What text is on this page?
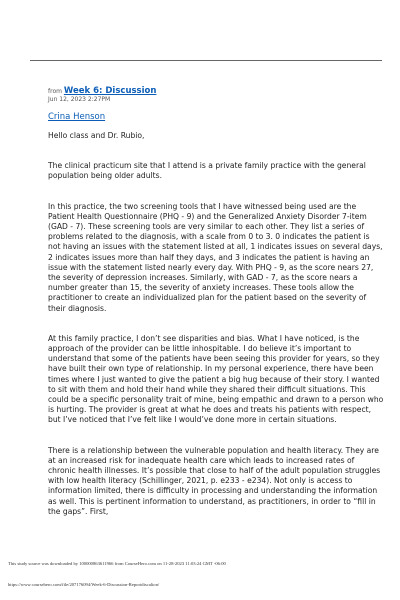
from Week 6: Discussion
Jun 12, 2023 2:27PM
Crina Henson

Hello class and Dr. Rubio,

The clinical practicum site that I attend is a private family practice with the general population being older adults.

In this practice, the two screening tools that I have witnessed being used are the Patient Health Questionnaire (PHQ - 9) and the Generalized Anxiety Disorder 7-item (GAD - 7). These screening tools are very similar to each other. They list a series of problems related to the diagnosis, with a scale from 0 to 3. 0 indicates the patient is not having an issues with the statement listed at all, 1 indicates issues on several days, 2 indicates issues more than half they days, and 3 indicates the patient is having an issue with the statement listed nearly every day. With PHQ - 9, as the score nears 27, the severity of depression increases. Similarly, with GAD - 7, as the score nears a number greater than 15, the severity of anxiety increases. These tools allow the practitioner to create an individualized plan for the patient based on the severity of their diagnosis.

At this family practice, I don’t see disparities and bias. What I have noticed, is the approach of the provider can be little inhospitable. I do believe it’s important to understand that some of the patients have been seeing this provider for years, so they have built their own type of relationship. In my personal experience, there have been times where I just wanted to give the patient a big hug because of their story. I wanted to sit with them and hold their hand while they shared their difficult situations. This could be a specific personality trait of mine, being empathic and drawn to a person who is hurting. The provider is great at what he does and treats his patients with respect, but I’ve noticed that I’ve felt like I would’ve done more in certain situations.

There is a relationship between the vulnerable population and health literacy. They are at an increased risk for inadequate health care which leads to increased rates of chronic health illnesses. It’s possible that close to half of the adult population struggles with low health literacy (Schillinger, 2021, p. e233 - e234). Not only is access to information limited, there is difficulty in processing and understanding the information as well. This is pertinent information to understand, as practitioners, in order to “fill in the gaps”. First,

This study source was downloaded by 100000863611966 from CourseHero.com on 11-28-2023 11:03:24 GMT -06:00
https://www.coursehero.com/file/207176094/Week-6-Discussion-Reportdiscalion/
